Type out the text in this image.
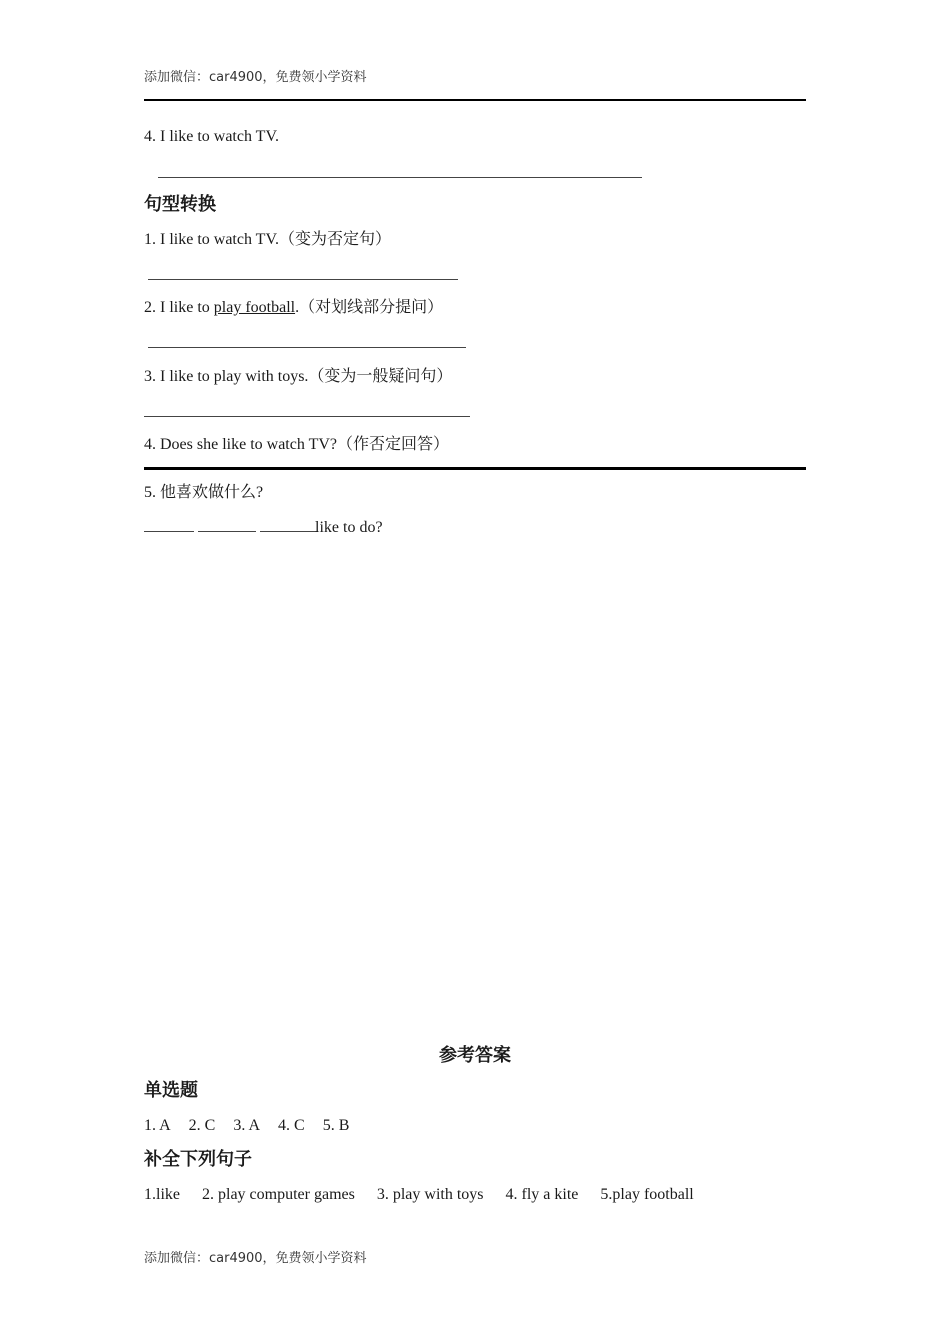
添加微信：car4900，免费领小学资料
4. I like to watch TV.
句型转换
1. I like to watch TV.（变为否定句）
2. I like to play football.（对划线部分提问）
3. I like to play with toys.（变为一般疑问句）
4. Does she like to watch TV?（作否定回答）
5. 他喜欢做什么?
like to do?
参考答案
单选题
1. A 2. C 3. A 4. C 5. B
补全下列句子
1.like 2. play computer games 3. play with toys 4. fly a kite 5.play football
添加微信：car4900，免费领小学资料
